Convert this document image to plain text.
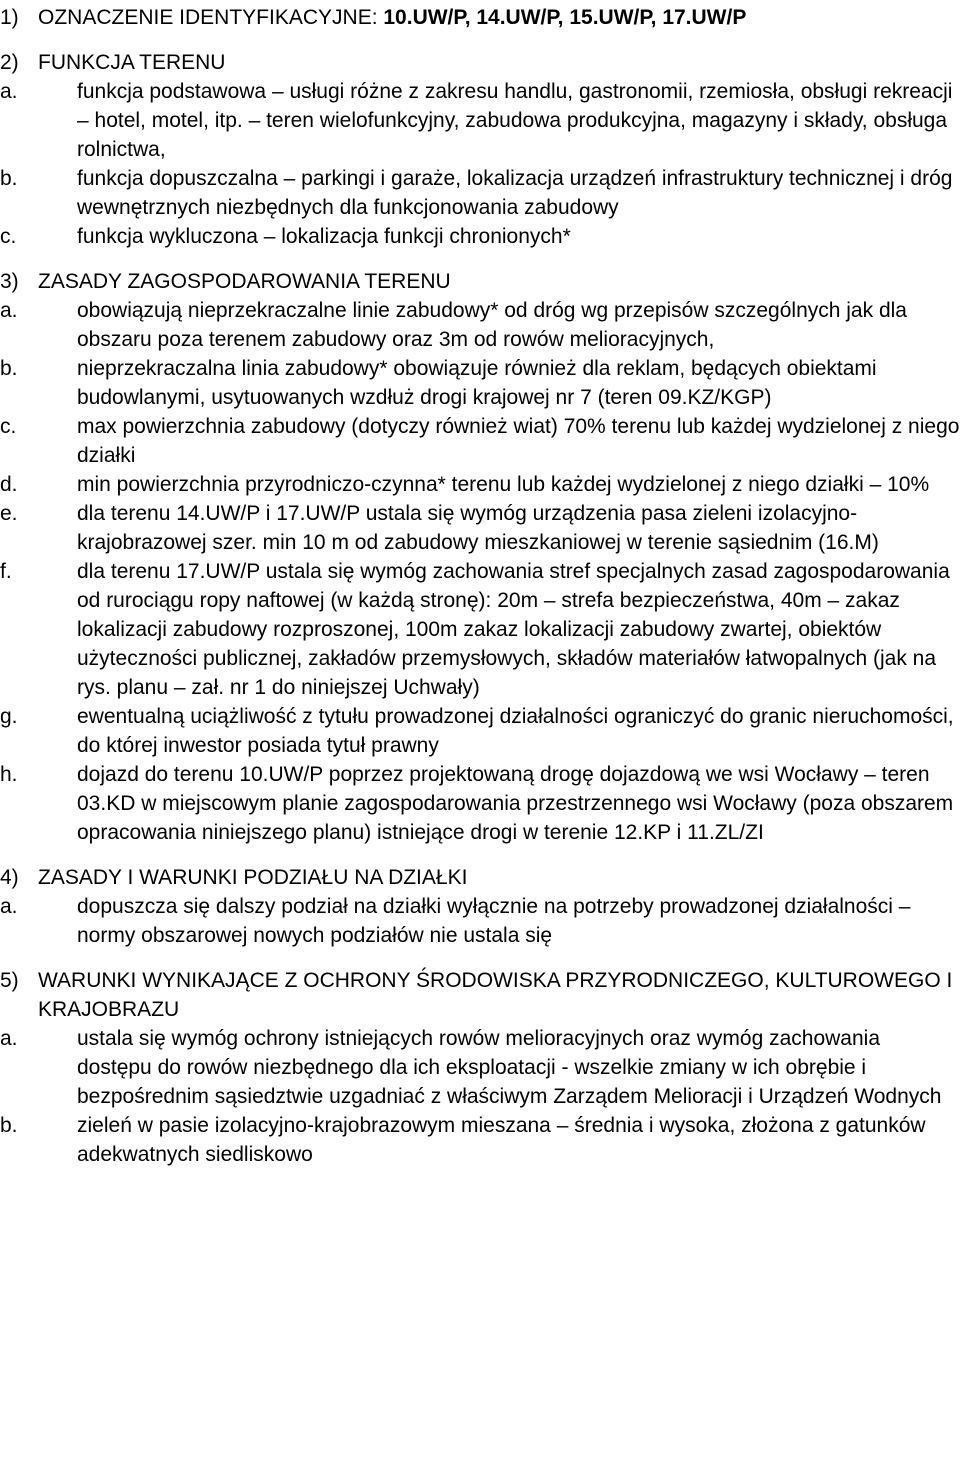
1) OZNACZENIE IDENTYFIKACYJNE: 10.UW/P, 14.UW/P, 15.UW/P, 17.UW/P
2) FUNKCJA TERENU
a.	funkcja podstawowa – usługi różne z zakresu handlu, gastronomii, rzemiosła, obsługi rekreacji – hotel, motel, itp. – teren wielofunkcyjny, zabudowa produkcyjna, magazyny i składy, obsługa rolnictwa,
b.	funkcja dopuszczalna – parkingi i garaże, lokalizacja urządzeń infrastruktury technicznej i dróg wewnętrznych niezbędnych dla funkcjonowania zabudowy
c.	funkcja wykluczona – lokalizacja funkcji chronionych*
3) ZASADY ZAGOSPODAROWANIA TERENU
a.	obowiązują nieprzekraczalne linie zabudowy* od dróg wg przepisów szczególnych jak dla obszaru poza terenem zabudowy oraz 3m od rowów melioracyjnych,
b.	nieprzekraczalna linia zabudowy* obowiązuje również dla reklam, będących obiektami budowlanymi, usytuowanych wzdłuż drogi krajowej nr 7 (teren 09.KZ/KGP)
c.	max powierzchnia zabudowy (dotyczy również wiat) 70% terenu lub każdej wydzielonej z niego działki
d.	min powierzchnia przyrodniczo-czynna* terenu lub każdej wydzielonej z niego działki – 10%
e.	dla terenu 14.UW/P i 17.UW/P ustala się wymóg urządzenia pasa zieleni izolacyjno-krajobrazowej szer. min 10 m od zabudowy mieszkaniowej w terenie sąsiednim (16.M)
f.	dla terenu 17.UW/P ustala się wymóg zachowania stref specjalnych zasad zagospodarowania od rurociągu ropy naftowej (w każdą stronę): 20m – strefa bezpieczeństwa, 40m – zakaz lokalizacji zabudowy rozproszonej, 100m zakaz lokalizacji zabudowy zwartej, obiektów użyteczności publicznej, zakładów przemysłowych, składów materiałów łatwopalnych (jak na rys. planu – zał. nr 1 do niniejszej Uchwały)
g.	ewentualną uciążliwość z tytułu prowadzonej działalności ograniczyć do granic nieruchomości, do której inwestor posiada tytuł prawny
h.	dojazd do terenu 10.UW/P poprzez projektowaną drogę dojazdową we wsi Wocławy – teren 03.KD w miejscowym planie zagospodarowania przestrzennego wsi Wocławy (poza obszarem opracowania niniejszego planu) istniejące drogi w terenie 12.KP i 11.ZL/ZI
4) ZASADY I WARUNKI PODZIAŁU NA DZIAŁKI
a.	dopuszcza się dalszy podział na działki wyłącznie na potrzeby prowadzonej działalności – normy obszarowej nowych podziałów nie ustala się
5) WARUNKI WYNIKAJĄCE Z OCHRONY ŚRODOWISKA PRZYRODNICZEGO, KULTUROWEGO I KRAJOBRAZU
a.	ustala się wymóg ochrony istniejących rowów melioracyjnych oraz wymóg zachowania dostępu do rowów niezbędnego dla ich eksploatacji - wszelkie zmiany w ich obrębie i bezpośrednim sąsiedztwie uzgadniać z właściwym Zarządem Melioracji i Urządzeń Wodnych
b.	zieleń w pasie izolacyjno-krajobrazowym mieszana – średnia i wysoka, złożona z gatunków adekwatnych siedliskowo
